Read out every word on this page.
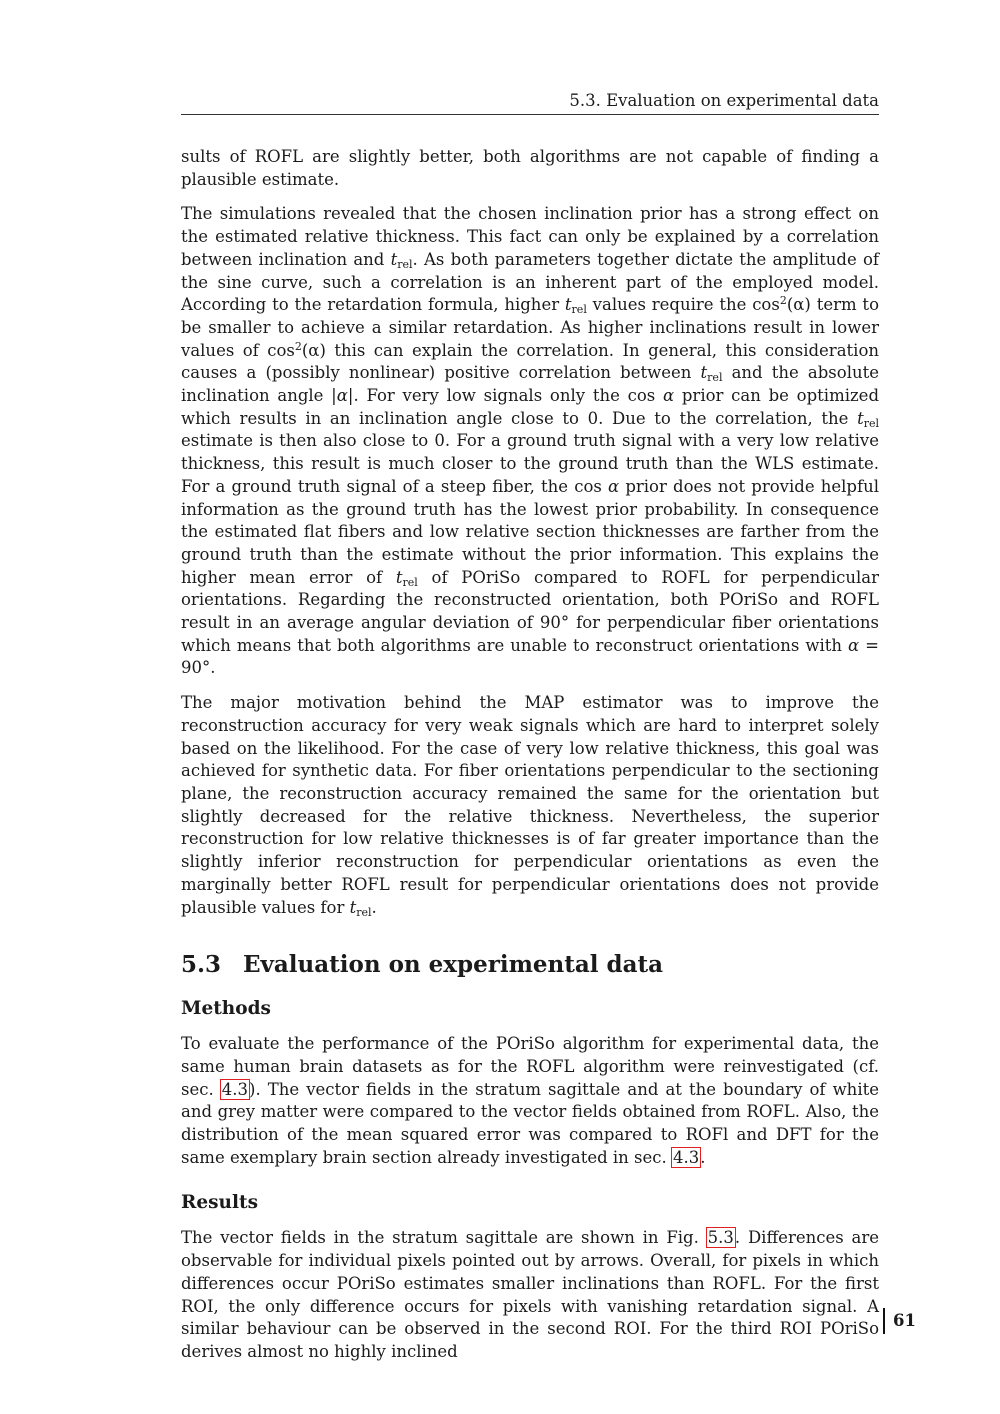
5.3. Evaluation on experimental data

sults of ROFL are slightly better, both algorithms are not capable of finding a plausible estimate.

The simulations revealed that the chosen inclination prior has a strong effect on the estimated relative thickness. This fact can only be explained by a correlation between inclination and $t_{rel}$. As both parameters together dictate the amplitude of the sine curve, such a correlation is an inherent part of the employed model. According to the retardation formula, higher $t_{rel}$ values require the $\cos^2(\alpha)$ term to be smaller to achieve a similar retardation. As higher inclinations result in lower values of $\cos^2(\alpha)$ this can explain the correlation. In general, this consideration causes a (possibly nonlinear) positive correlation between $t_{rel}$ and the absolute inclination angle |α|. For very low signals only the cos α prior can be optimized which results in an inclination angle close to 0. Due to the correlation, the $t_{rel}$ estimate is then also close to 0. For a ground truth signal with a very low relative thickness, this result is much closer to the ground truth than the WLS estimate. For a ground truth signal of a steep fiber, the cos α prior does not provide helpful information as the ground truth has the lowest prior probability. In consequence the estimated flat fibers and low relative section thicknesses are farther from the ground truth than the estimate without the prior information. This explains the higher mean error of $t_{rel}$ of POriSo compared to ROFL for perpendicular orientations. Regarding the reconstructed orientation, both POriSo and ROFL result in an average angular deviation of 90° for perpendicular fiber orientations which means that both algorithms are unable to reconstruct orientations with α = 90°.

The major motivation behind the MAP estimator was to improve the reconstruction accuracy for very weak signals which are hard to interpret solely based on the likelihood. For the case of very low relative thickness, this goal was achieved for synthetic data. For fiber orientations perpendicular to the sectioning plane, the reconstruction accuracy remained the same for the orientation but slightly decreased for the relative thickness. Nevertheless, the superior reconstruction for low relative thicknesses is of far greater importance than the slightly inferior reconstruction for perpendicular orientations as even the marginally better ROFL result for perpendicular orientations does not provide plausible values for $t_{rel}$.

5.3 Evaluation on experimental data
Methods

To evaluate the performance of the POriSo algorithm for experimental data, the same human brain datasets as for the ROFL algorithm were reinvestigated (cf. sec. 4.3). The vector fields in the stratum sagittale and at the boundary of white and grey matter were compared to the vector fields obtained from ROFL. Also, the distribution of the mean squared error was compared to ROFl and DFT for the same exemplary brain section already investigated in sec. 4.3.

Results

The vector fields in the stratum sagittale are shown in Fig. 5.3. Differences are observable for individual pixels pointed out by arrows. Overall, for pixels in which differences occur POriSo estimates smaller inclinations than ROFL. For the first ROI, the only difference occurs for pixels with vanishing retardation signal. A similar behaviour can be observed in the second ROI. For the third ROI POriSo derives almost no highly inclined

61
